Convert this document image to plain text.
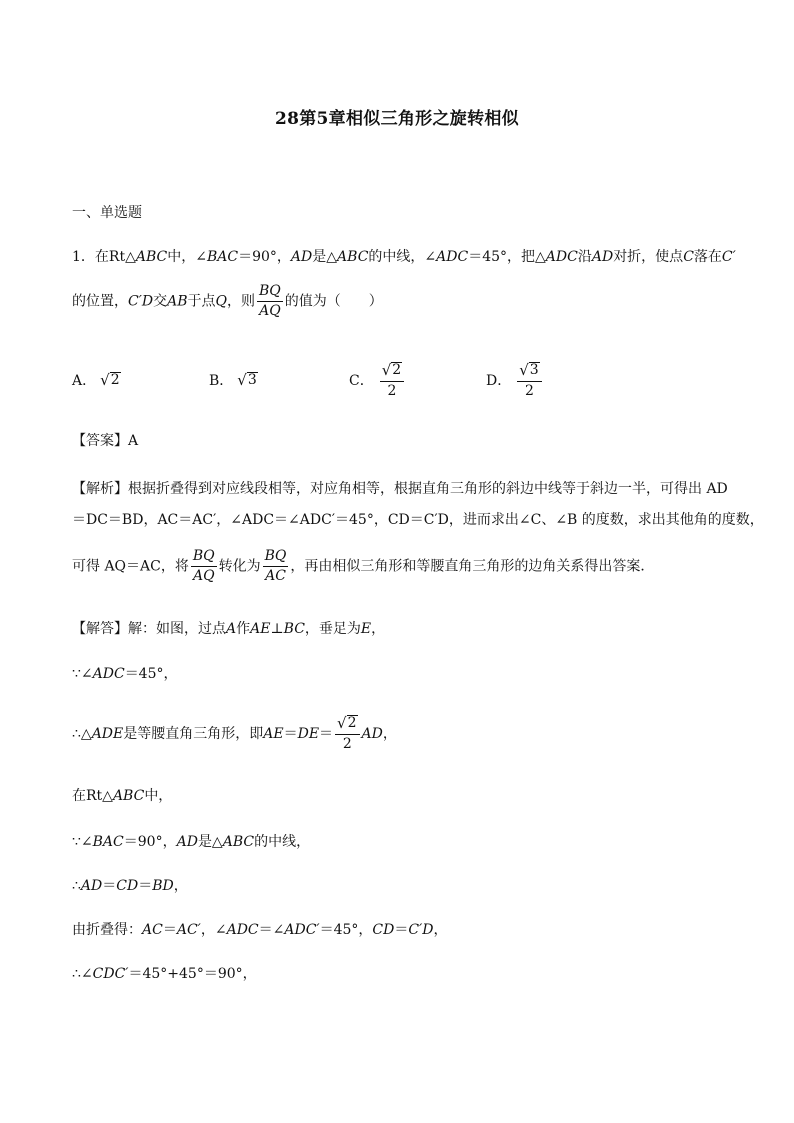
28第5章相似三角形之旋转相似
一、单选题
1．在Rt△ABC中，∠BAC＝90°，AD是△ABC的中线，∠ADC＝45°，把△ADC沿AD对折，使点C落在C′
的位置，C′D交AB于点Q，则 $\frac{BQ}{AQ}$ 的值为（　　）
A． √ 2	B． √ 3	C． $\frac{√ 2}{2}$	D． $\frac{√ 3}{2}$
【答案】A
【解析】根据折叠得到对应线段相等，对应角相等，根据直角三角形的斜边中线等于斜边一半，可得出 AD
＝DC＝BD，AC＝AC′，∠ADC＝∠ADC′＝45°，CD＝C′D，进而求出∠C、∠B 的度数，求出其他角的度数，
可得 AQ＝AC，将 $\frac{BQ}{AQ}$ 转化为 $\frac{BQ}{AC}$ ，再由相似三角形和等腰直角三角形的边角关系得出答案．
【解答】解：如图，过点A作AE⊥BC，垂足为E，
∵∠ADC＝45°，
∴△ADE是等腰直角三角形，即$AE=DE= \frac{√ 2}{2}$ AD，
在Rt△ABC中，
∵∠BAC＝90°，AD是△ABC的中线，
∴AD＝CD＝BD，
由折叠得：AC＝AC′，∠ADC＝∠ADC′＝45°，CD＝C′D，
∴∠CDC′＝45°+45°＝90°，
